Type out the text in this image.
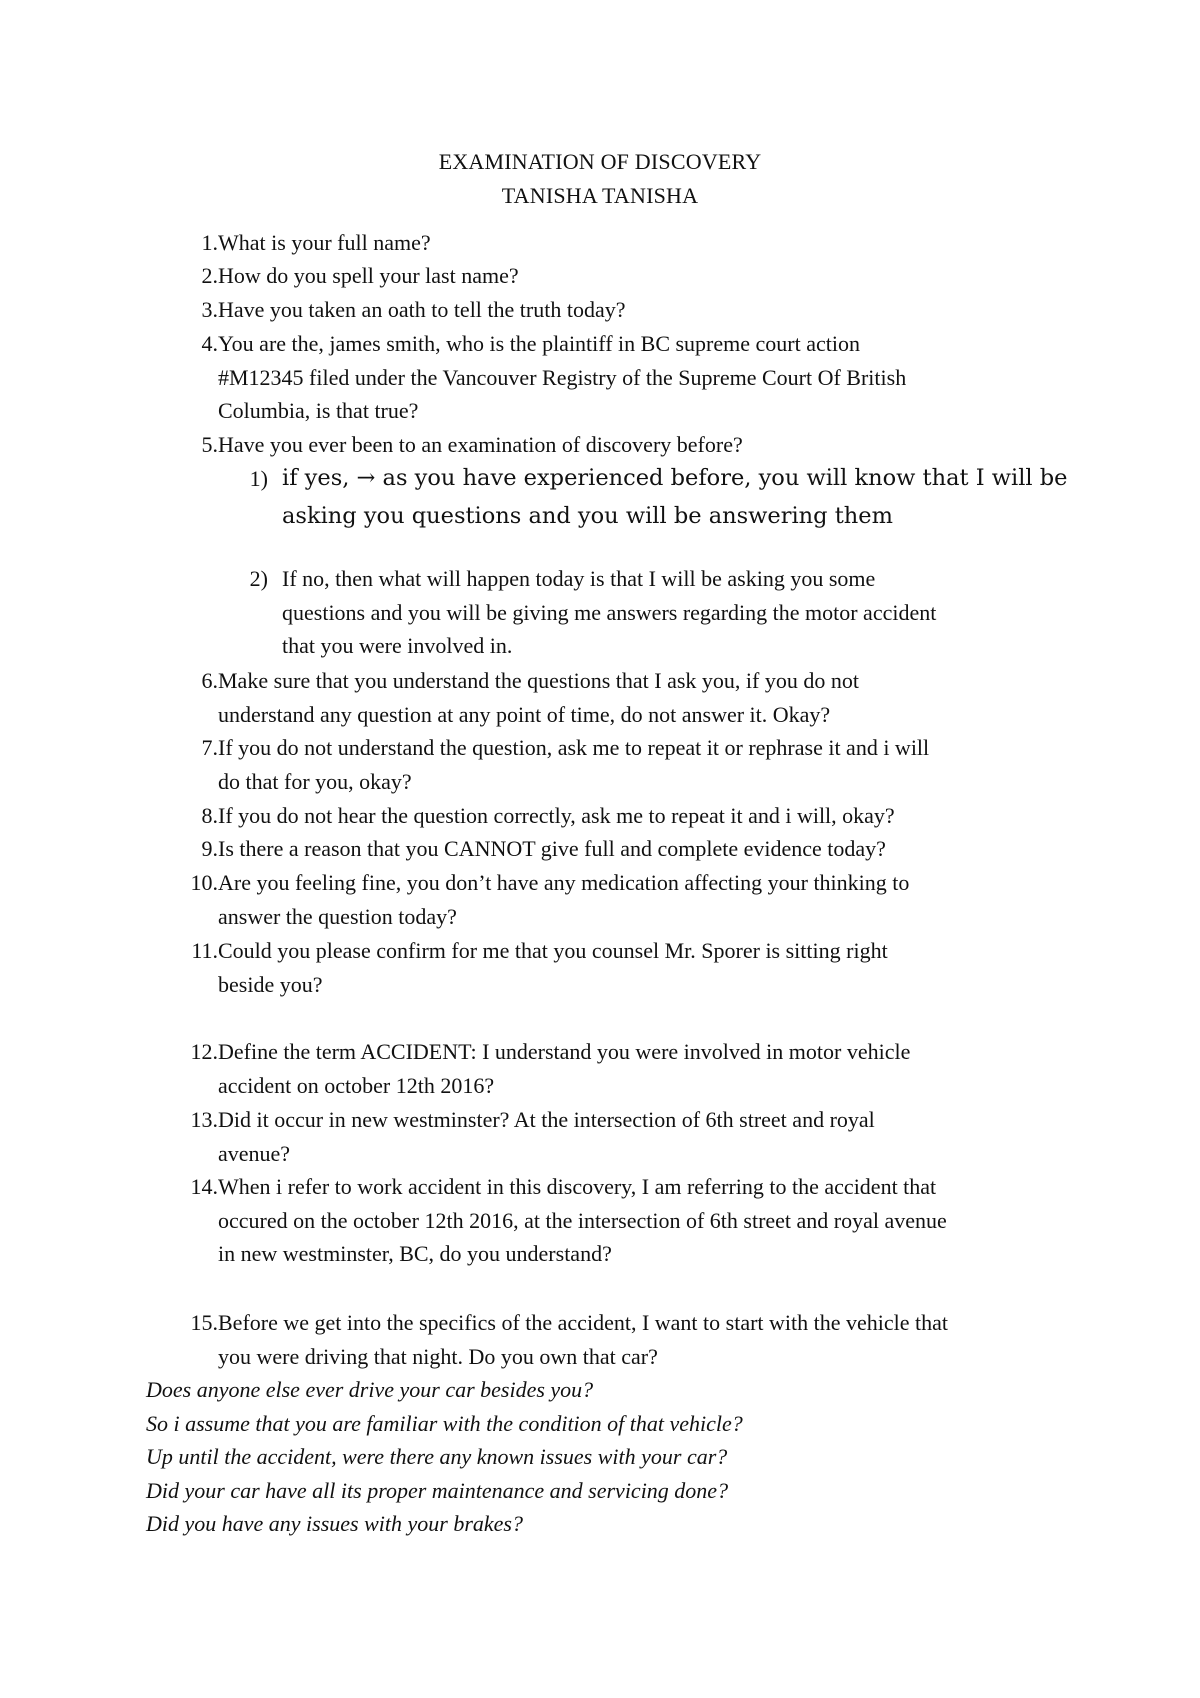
EXAMINATION OF DISCOVERY
TANISHA TANISHA
1. What is your full name?
2. How do you spell your last name?
3. Have you taken an oath to tell the truth today?
4. You are the, james smith, who is the plaintiff in BC supreme court action
#M12345 filed under the Vancouver Registry of the Supreme Court Of British
Columbia, is that true?
5. Have you ever been to an examination of discovery before?
1) if yes, → as you have experienced before, you will know that I will be
asking you questions and you will be answering them
2) If no, then what will happen today is that I will be asking you some
questions and you will be giving me answers regarding the motor accident
that you were involved in.
6. Make sure that you understand the questions that I ask you, if you do not
understand any question at any point of time, do not answer it. Okay?
7. If you do not understand the question, ask me to repeat it or rephrase it and i will
do that for you, okay?
8. If you do not hear the question correctly, ask me to repeat it and i will, okay?
9. Is there a reason that you CANNOT give full and complete evidence today?
10. Are you feeling fine, you don’t have any medication affecting your thinking to
answer the question today?
11. Could you please confirm for me that you counsel Mr. Sporer is sitting right
beside you?
12. Define the term ACCIDENT: I understand you were involved in motor vehicle
accident on october 12th 2016?
13. Did it occur in new westminster? At the intersection of 6th street and royal
avenue?
14. When i refer to work accident in this discovery, I am referring to the accident that
occured on the october 12th 2016, at the intersection of 6th street and royal avenue
in new westminster, BC, do you understand?
15. Before we get into the specifics of the accident, I want to start with the vehicle that
you were driving that night. Do you own that car?
Does anyone else ever drive your car besides you?
So i assume that you are familiar with the condition of that vehicle?
Up until the accident, were there any known issues with your car?
Did your car have all its proper maintenance and servicing done?
Did you have any issues with your brakes?
